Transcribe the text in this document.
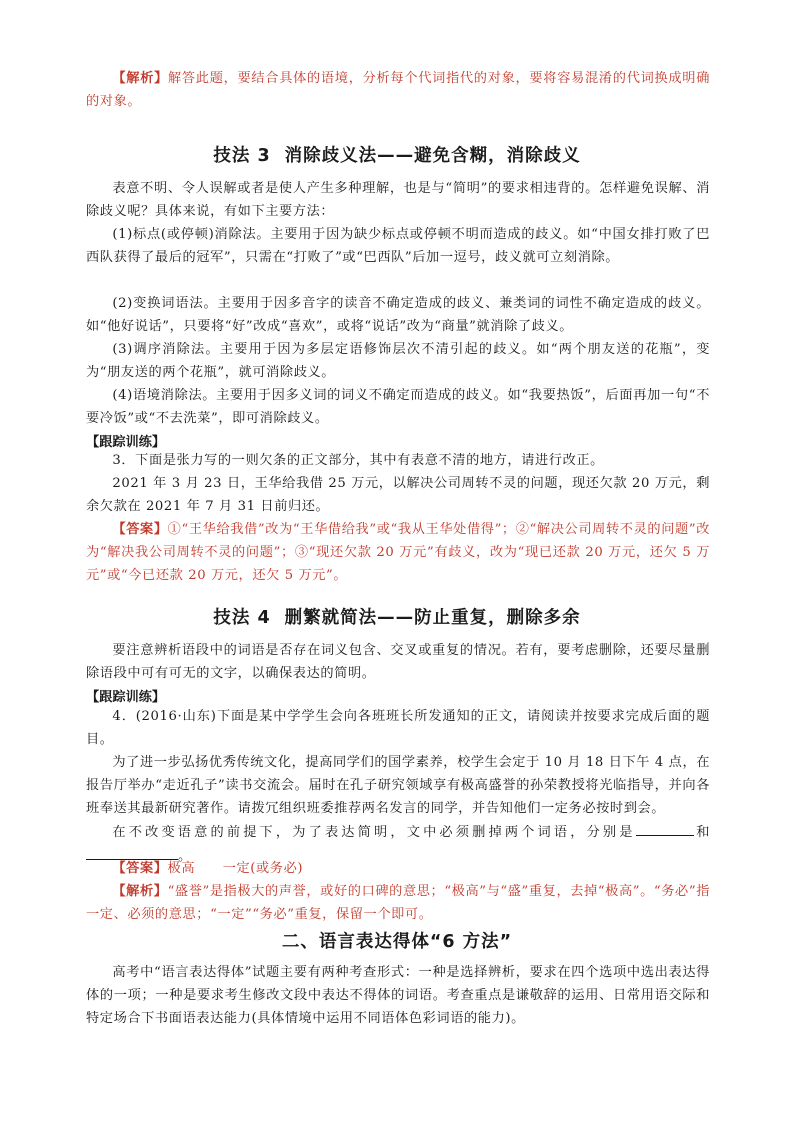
【解析】解答此题，要结合具体的语境，分析每个代词指代的对象，要将容易混淆的代词换成明确的对象。

技法 3 消除歧义法——避免含糊，消除歧义

表意不明、令人误解或者是使人产生多种理解，也是与“简明”的要求相违背的。怎样避免误解、消除歧义呢？具体来说，有如下主要方法：

(1)标点(或停顿)消除法。主要用于因为缺少标点或停顿不明而造成的歧义。如“中国女排打败了巴西队获得了最后的冠军”，只需在“打败了”或“巴西队”后加一逗号，歧义就可立刻消除。

(2)变换词语法。主要用于因多音字的读音不确定造成的歧义、兼类词的词性不确定造成的歧义。如“他好说话”，只要将“好”改成“喜欢”，或将“说话”改为“商量”就消除了歧义。

(3)调序消除法。主要用于因为多层定语修饰层次不清引起的歧义。如“两个朋友送的花瓶”，变为“朋友送的两个花瓶”，就可消除歧义。

(4)语境消除法。主要用于因多义词的词义不确定而造成的歧义。如“我要热饭”，后面再加一句“不要冷饭”或“不去洗菜”，即可消除歧义。

【跟踪训练】

3．下面是张力写的一则欠条的正文部分，其中有表意不清的地方，请进行改正。

2021 年 3 月 23 日，王华给我借 25 万元，以解决公司周转不灵的问题，现还欠款 20 万元，剩余欠款在 2021 年 7 月 31 日前归还。

【答案】①“王华给我借”改为“王华借给我”或“我从王华处借得”；②“解决公司周转不灵的问题”改为“解决我公司周转不灵的问题”；③“现还欠款 20 万元”有歧义，改为“现已还款 20 万元，还欠 5 万元”或“今已还款 20 万元，还欠 5 万元”。

技法 4 删繁就简法——防止重复，删除多余

要注意辨析语段中的词语是否存在词义包含、交叉或重复的情况。若有，要考虑删除，还要尽量删除语段中可有可无的文字，以确保表达的简明。

【跟踪训练】

4．(2016·山东)下面是某中学学生会向各班班长所发通知的正文，请阅读并按要求完成后面的题目。

为了进一步弘扬优秀传统文化，提高同学们的国学素养，校学生会定于 10 月 18 日下午 4 点，在报告厅举办“走近孔子”读书交流会。届时在孔子研究领域享有极高盛誉的孙荣教授将光临指导，并向各班奉送其最新研究著作。请拨冗组织班委推荐两名发言的同学，并告知他们一定务必按时到会。

在不改变语意的前提下，为了表达简明，文中必须删掉两个词语，分别是	和。

【答案】极高　　一定(或务必)

【解析】“盛誉”是指极大的声誉，或好的口碑的意思；“极高”与“盛”重复，去掉“极高”。“务必”指一定、必须的意思；“一定”“务必”重复，保留一个即可。

二、语言表达得体“6 方法”

高考中“语言表达得体”试题主要有两种考查形式：一种是选择辨析，要求在四个选项中选出表达得体的一项；一种是要求考生修改文段中表达不得体的词语。考查重点是谦敬辞的运用、日常用语交际和特定场合下书面语表达能力(具体情境中运用不同语体色彩词语的能力)。
